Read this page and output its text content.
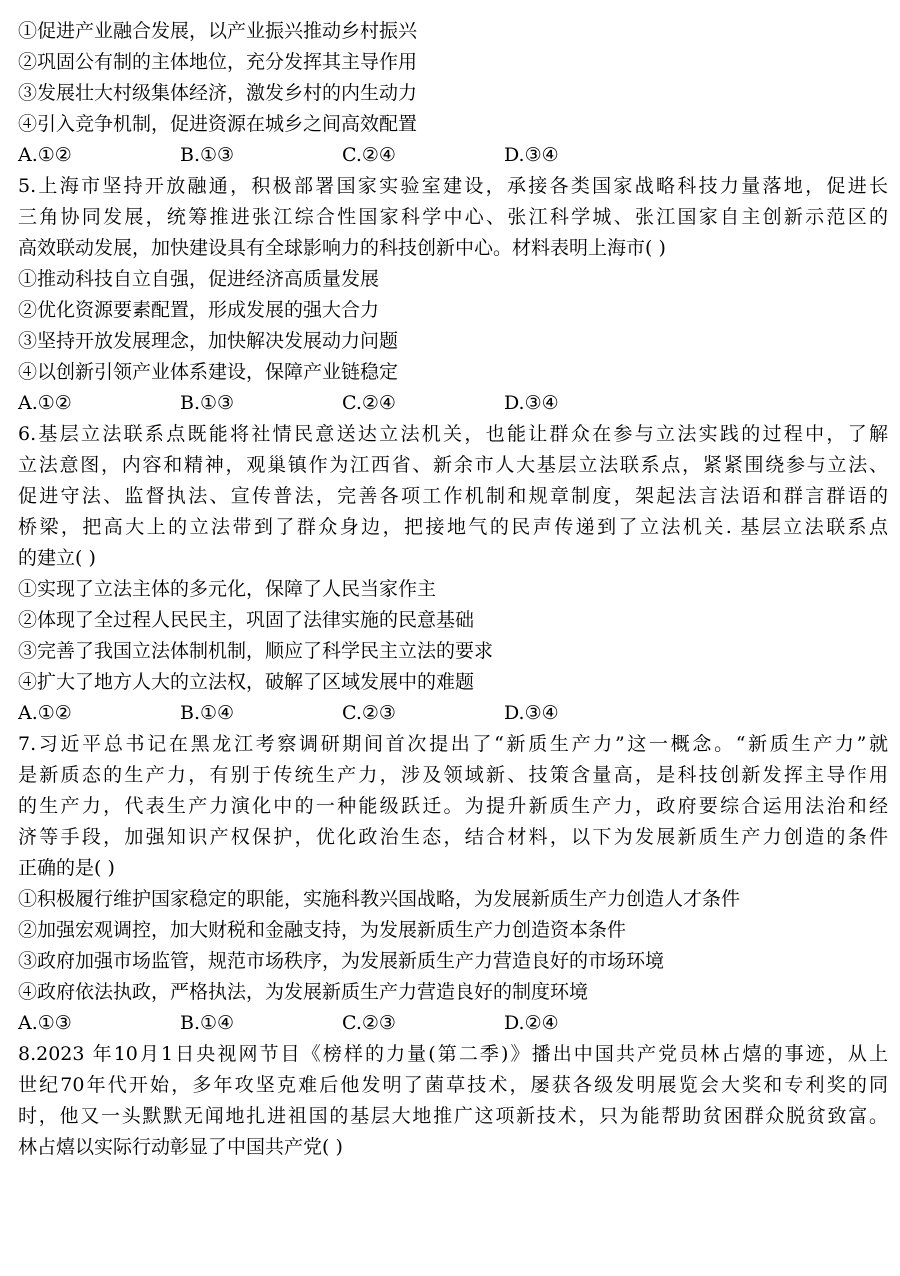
①促进产业融合发展，以产业振兴推动乡村振兴
②巩固公有制的主体地位，充分发挥其主导作用
③发展壮大村级集体经济，激发乡村的内生动力
④引入竞争机制，促进资源在城乡之间高效配置
A.①②	B.①③	C.②④	D.③④
5.上海市坚持开放融通，积极部署国家实验室建设，承接各类国家战略科技力量落地，促进长
三角协同发展，统筹推进张江综合性国家科学中心、张江科学城、张江国家自主创新示范区的
高效联动发展，加快建设具有全球影响力的科技创新中心。材料表明上海市( )
①推动科技自立自强，促进经济高质量发展
②优化资源要素配置，形成发展的强大合力
③坚持开放发展理念，加快解决发展动力问题
④以创新引领产业体系建设，保障产业链稳定
A.①②	B.①③	C.②④	D.③④
6.基层立法联系点既能将社情民意送达立法机关，也能让群众在参与立法实践的过程中，了解
立法意图，内容和精神，观巢镇作为江西省、新余市人大基层立法联系点，紧紧围绕参与立法、
促进守法、监督执法、宣传普法，完善各项工作机制和规章制度，架起法言法语和群言群语的
桥梁，把高大上的立法带到了群众身边，把接地气的民声传递到了立法机关. 基层立法联系点
的建立( )
①实现了立法主体的多元化，保障了人民当家作主
②体现了全过程人民民主，巩固了法律实施的民意基础
③完善了我国立法体制机制，顺应了科学民主立法的要求
④扩大了地方人大的立法权，破解了区域发展中的难题
A.①②	B.①④	C.②③	D.③④
7.习近平总书记在黑龙江考察调研期间首次提出了“新质生产力”这一概念。“新质生产力”就
是新质态的生产力，有别于传统生产力，涉及领域新、技策含量高，是科技创新发挥主导作用
的生产力，代表生产力演化中的一种能级跃迁。为提升新质生产力，政府要综合运用法治和经
济等手段，加强知识产权保护，优化政治生态，结合材料，以下为发展新质生产力创造的条件
正确的是( )
①积极履行维护国家稳定的职能，实施科教兴国战略，为发展新质生产力创造人才条件
②加强宏观调控，加大财税和金融支持，为发展新质生产力创造资本条件
③政府加强市场监管，规范市场秩序，为发展新质生产力营造良好的市场环境
④政府依法执政，严格执法，为发展新质生产力营造良好的制度环境
A.①③	B.①④	C.②③	D.②④
8.2023 年10月1日央视网节目《榜样的力量(第二季)》播出中国共产党员林占熺的事迹，从上
世纪70年代开始，多年攻坚克难后他发明了菌草技术，屡获各级发明展览会大奖和专利奖的同
时，他又一头默默无闻地扎进祖国的基层大地推广这项新技术，只为能帮助贫困群众脱贫致富。
林占熺以实际行动彰显了中国共产党( )
